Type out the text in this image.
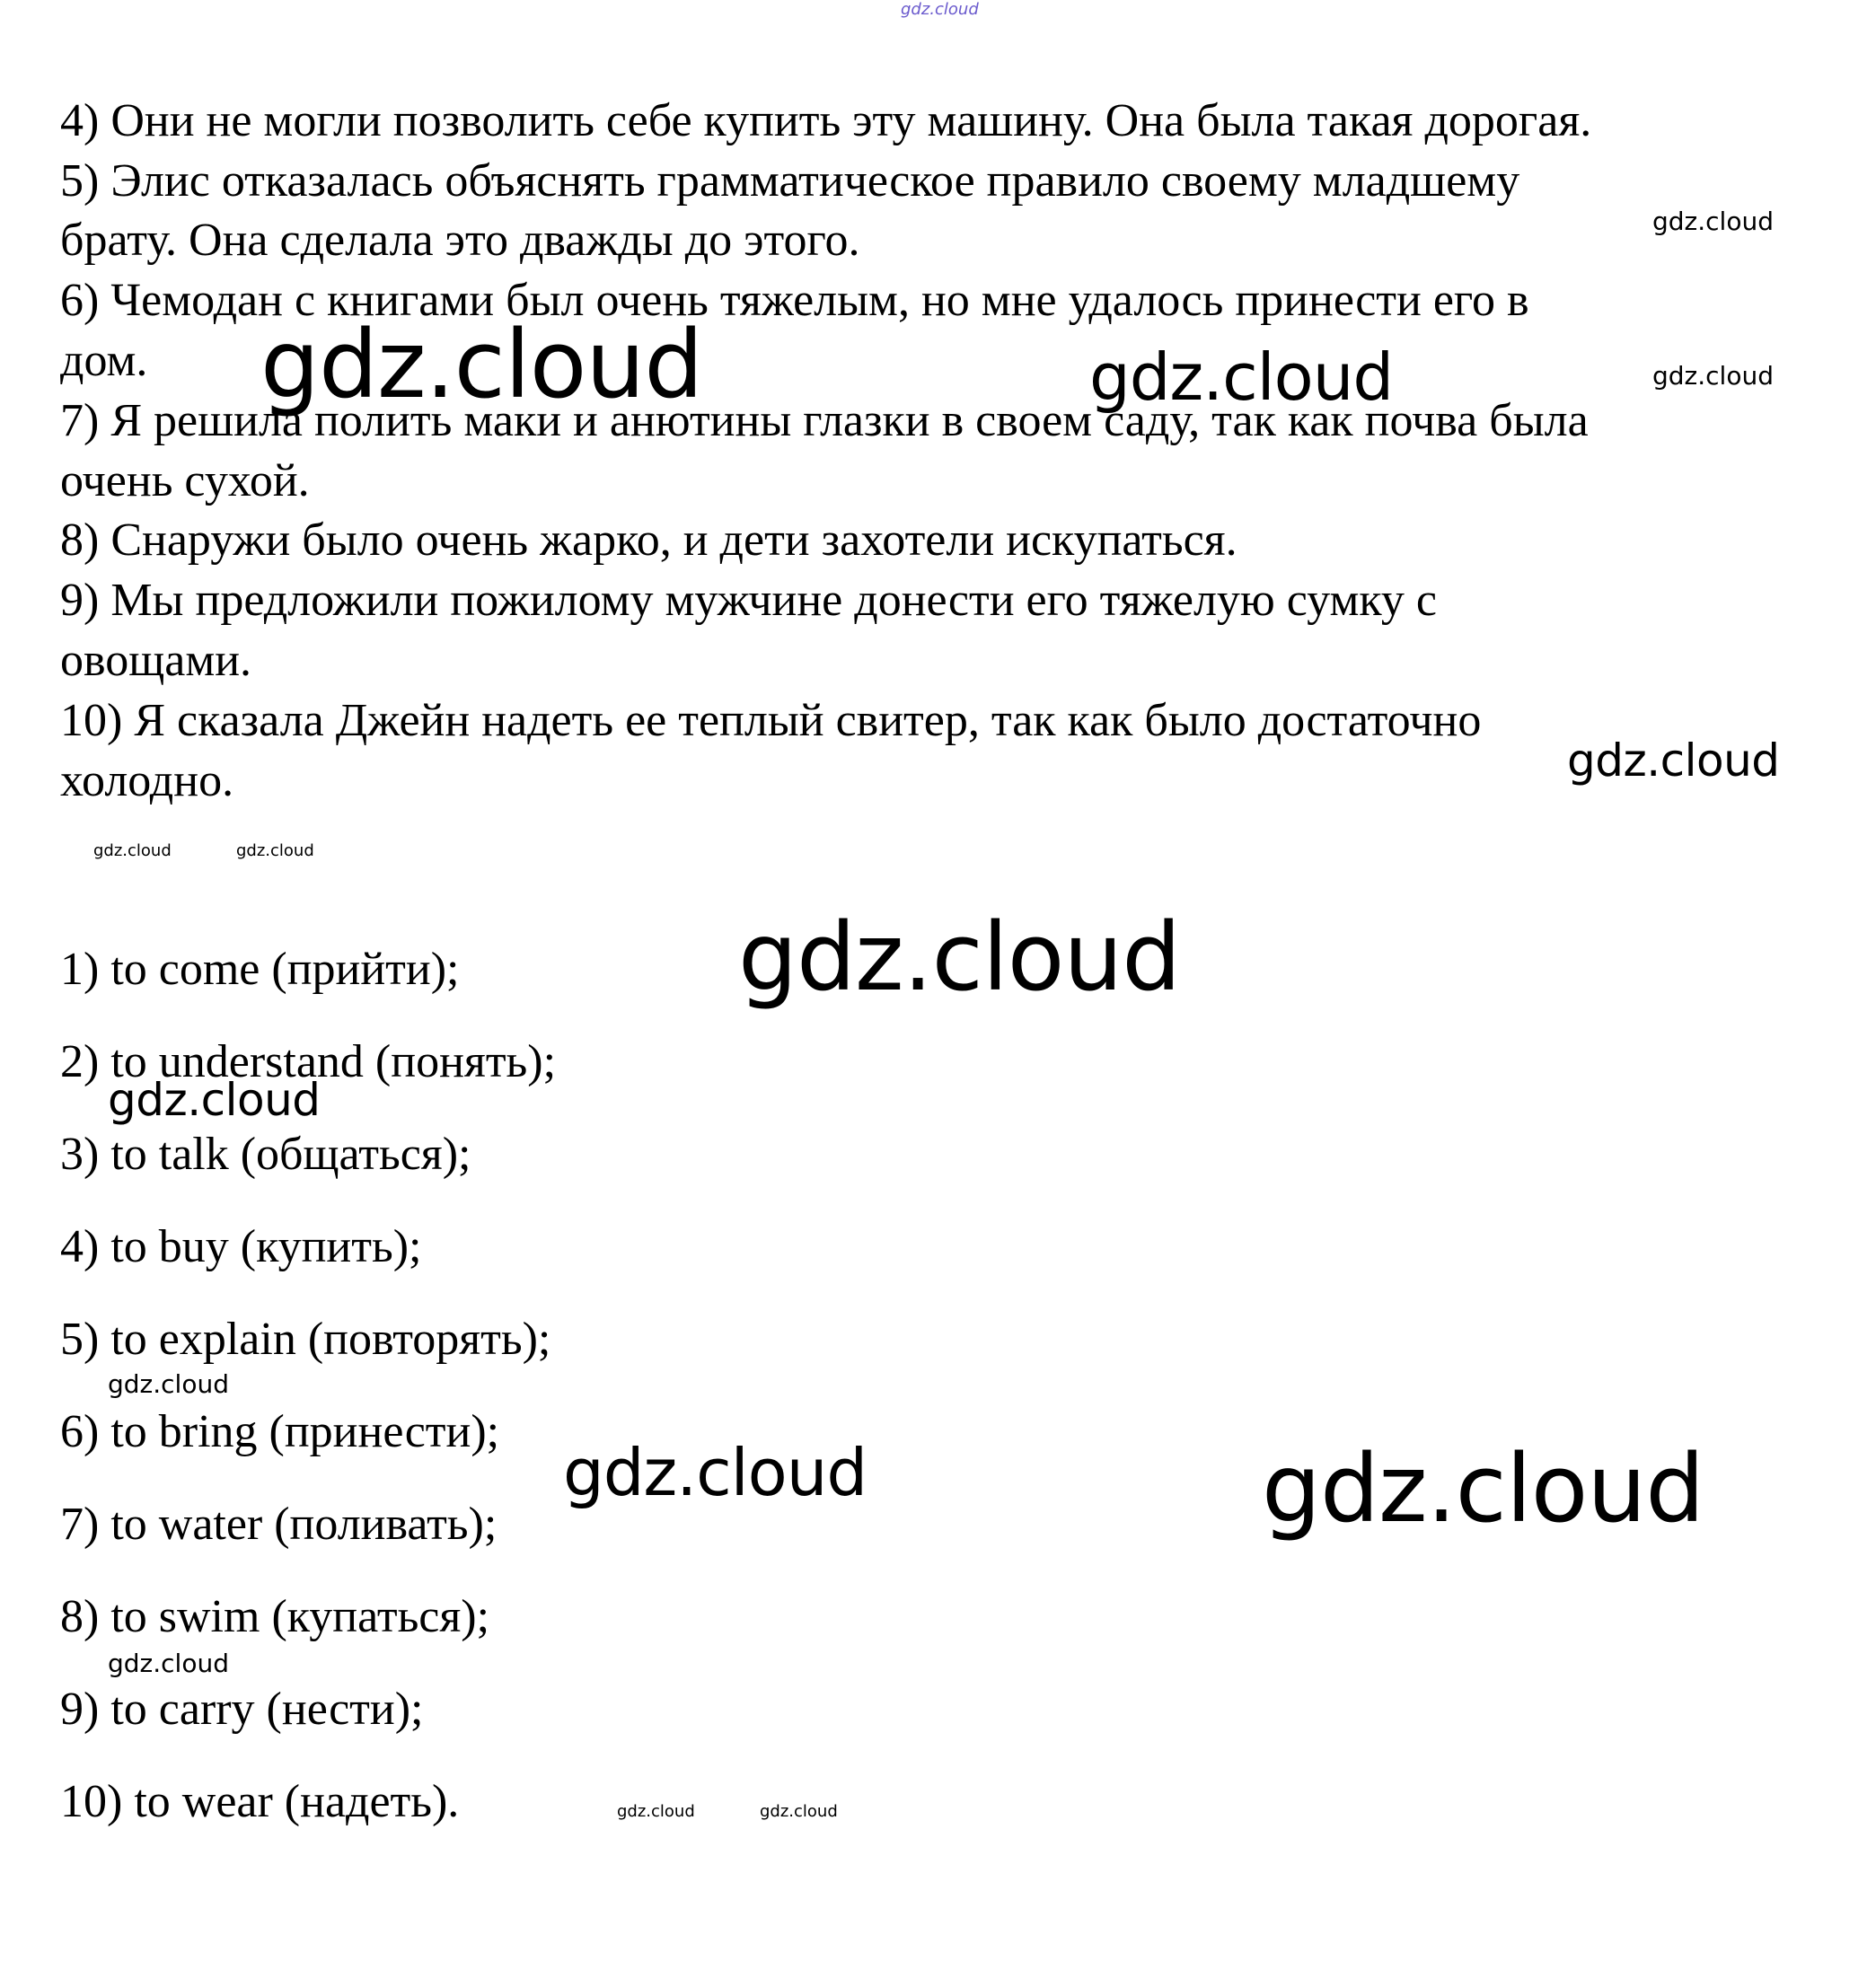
gdz.cloud
4) Они не могли позволить себе купить эту машину. Она была такая дорогая.
5) Элис отказалась объяснять грамматическое правило своему младшему
брату. Она сделала это дважды до этого.
6) Чемодан с книгами был очень тяжелым, но мне удалось принести его в
дом.
7) Я решила полить маки и анютины глазки в своем саду, так как почва была
очень сухой.
8) Снаружи было очень жарко, и дети захотели искупаться.
9) Мы предложили пожилому мужчине донести его тяжелую сумку с
овощами.
10) Я сказала Джейн надеть ее теплый свитер, так как было достаточно
холодно.
1) to come (прийти);
2) to understand (понять);
3) to talk (общаться);
4) to buy (купить);
5) to explain (повторять);
6) to bring (принести);
7) to water (поливать);
8) to swim (купаться);
9) to carry (нести);
10) to wear (надеть).
gdz.cloud
gdz.cloud	gdz.cloud	gdz.cloud
gdz.cloud
gdz.cloud	gdz.cloud
gdz.cloud
gdz.cloud
gdz.cloud
gdz.cloud	gdz.cloud
gdz.cloud
gdz.cloud	gdz.cloud
